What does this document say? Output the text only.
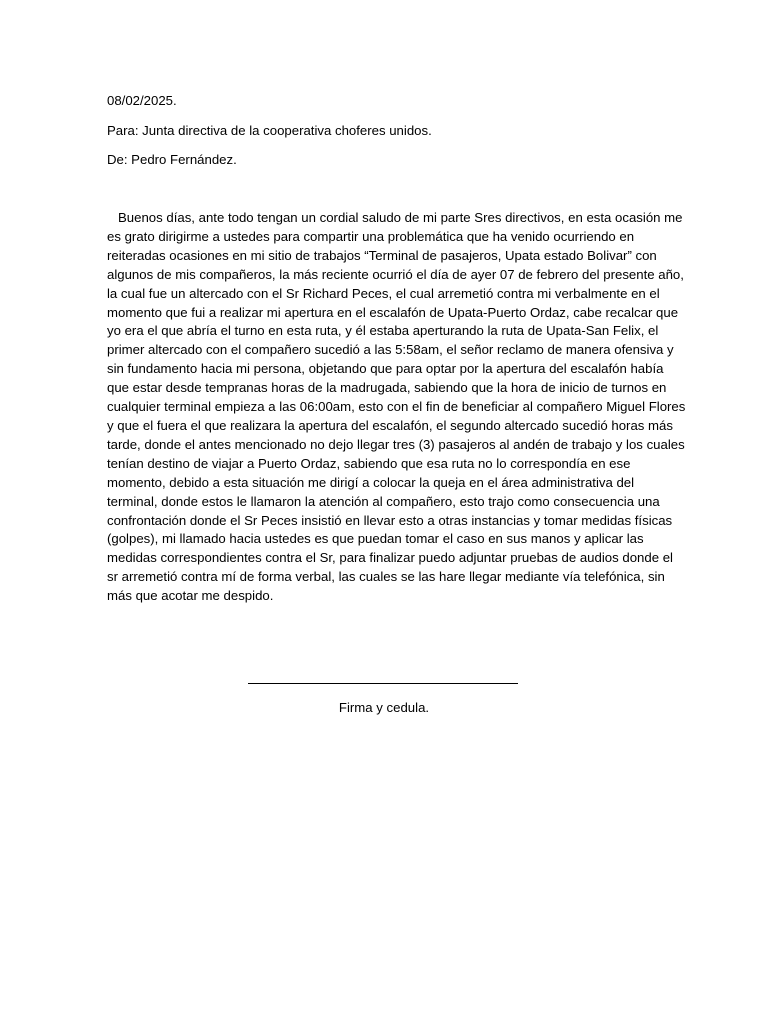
08/02/2025.
Para: Junta directiva de la cooperativa choferes unidos.
De: Pedro Fernández.
Buenos días, ante todo tengan un cordial saludo de mi parte Sres directivos, en esta ocasión me
es grato dirigirme a ustedes para compartir una problemática que ha venido ocurriendo en
reiteradas ocasiones en mi sitio de trabajos “Terminal de pasajeros, Upata estado Bolivar” con
algunos de mis compañeros, la más reciente ocurrió el día de ayer 07 de febrero del presente año,
la cual fue un altercado con el Sr Richard Peces, el cual arremetió contra mi verbalmente en el
momento que fui a realizar mi apertura en el escalafón de Upata-Puerto Ordaz, cabe recalcar que
yo era el que abría el turno en esta ruta, y él estaba aperturando la ruta de Upata-San Felix, el
primer altercado con el compañero sucedió a las 5:58am, el señor reclamo de manera ofensiva y
sin fundamento hacia mi persona, objetando que para optar por la apertura del escalafón había
que estar desde tempranas horas de la madrugada, sabiendo que la hora de inicio de turnos en
cualquier terminal empieza a las 06:00am, esto con el fin de beneficiar al compañero Miguel Flores
y que el fuera el que realizara la apertura del escalafón, el segundo altercado sucedió horas más
tarde, donde el antes mencionado no dejo llegar tres (3) pasajeros al andén de trabajo y los cuales
tenían destino de viajar a Puerto Ordaz, sabiendo que esa ruta no lo correspondía en ese
momento, debido a esta situación me dirigí a colocar la queja en el área administrativa del
terminal, donde estos le llamaron la atención al compañero, esto trajo como consecuencia una
confrontación donde el Sr Peces insistió en llevar esto a otras instancias y tomar medidas físicas
(golpes), mi llamado hacia ustedes es que puedan tomar el caso en sus manos y aplicar las
medidas correspondientes contra el Sr, para finalizar puedo adjuntar pruebas de audios donde el
sr arremetió contra mí de forma verbal, las cuales se las hare llegar mediante vía telefónica, sin
más que acotar me despido.
Firma y cedula.
